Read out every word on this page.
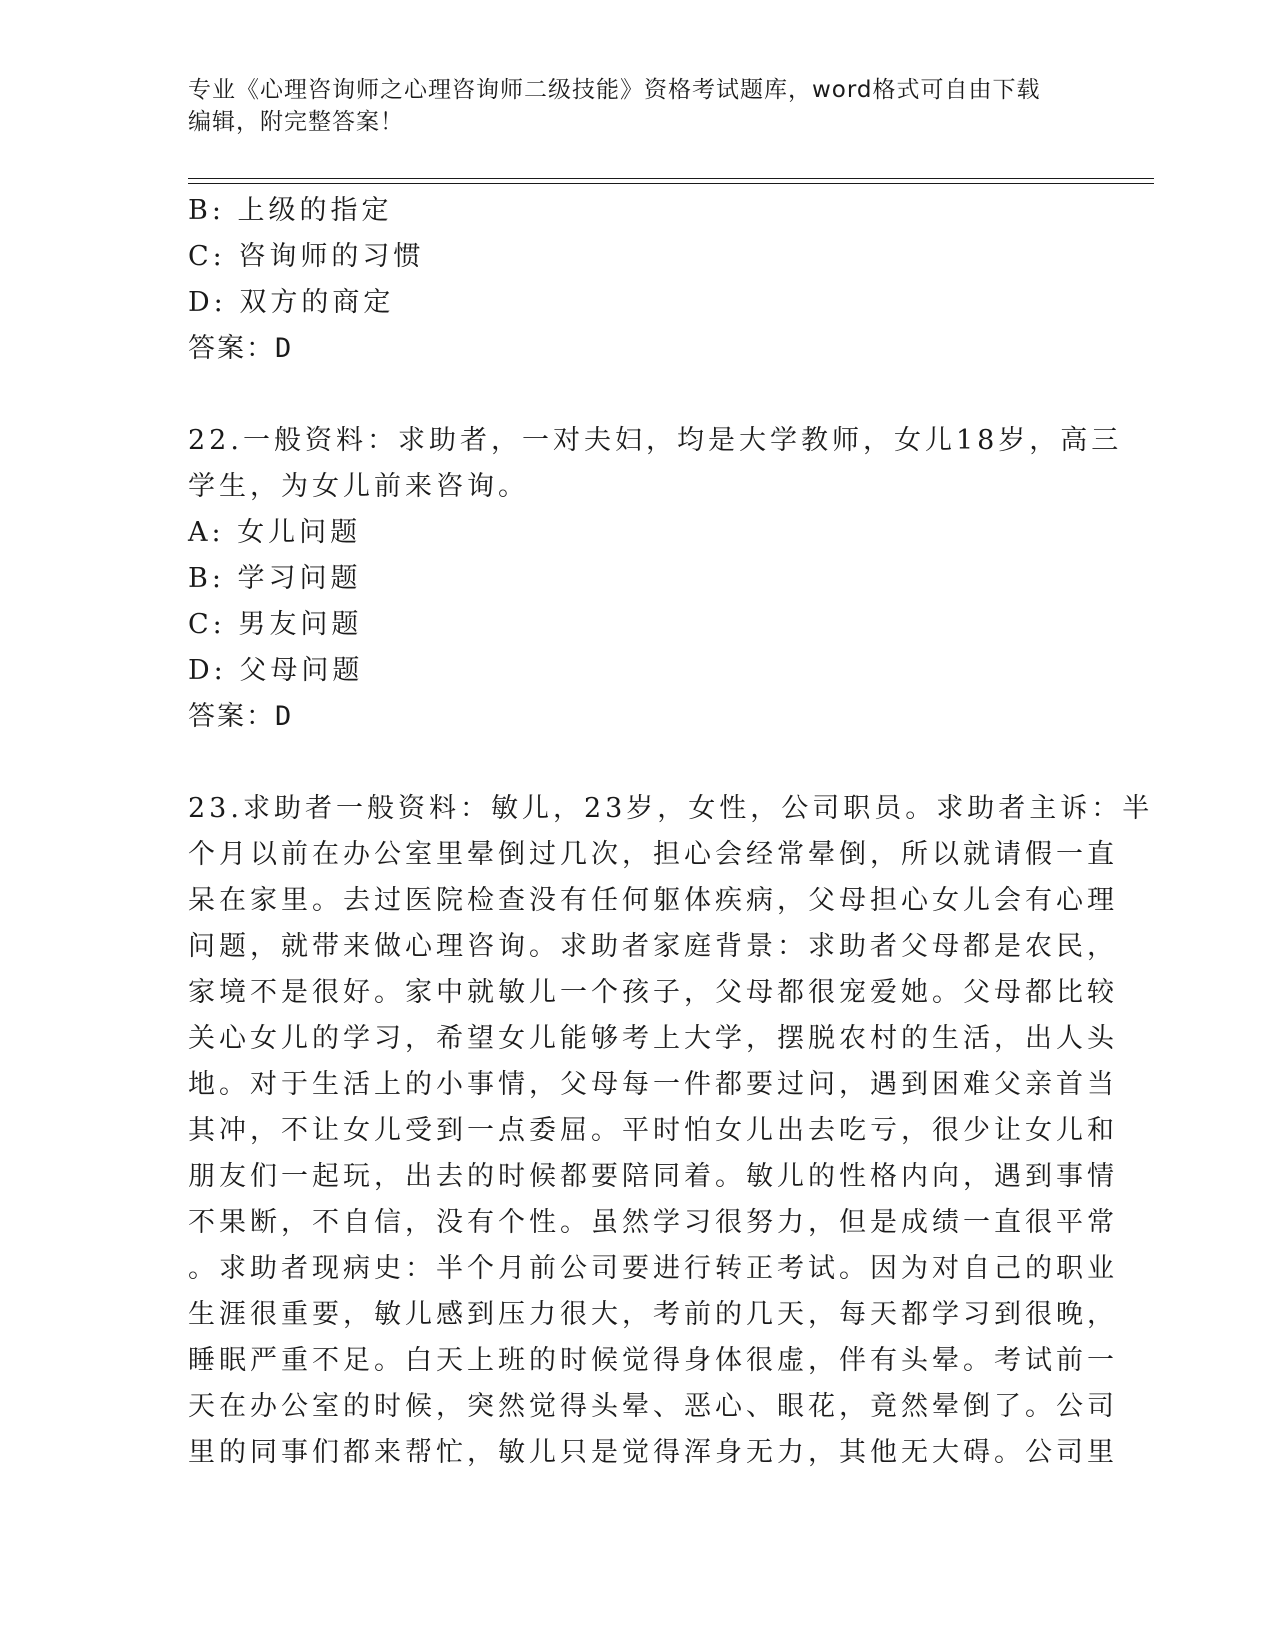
专业《心理咨询师之心理咨询师二级技能》资格考试题库，word格式可自由下载
编辑，附完整答案！
B: 上级的指定
C: 咨询师的习惯
D: 双方的商定
答案：D
22.一般资料：求助者，一对夫妇，均是大学教师，女儿18岁，高三
学生，为女儿前来咨询。
A: 女儿问题
B: 学习问题
C: 男友问题
D: 父母问题
答案：D
23.求助者一般资料：敏儿，23岁，女性，公司职员。求助者主诉：半
个月以前在办公室里晕倒过几次，担心会经常晕倒，所以就请假一直
呆在家里。去过医院检查没有任何躯体疾病，父母担心女儿会有心理
问题，就带来做心理咨询。求助者家庭背景：求助者父母都是农民，
家境不是很好。家中就敏儿一个孩子，父母都很宠爱她。父母都比较
关心女儿的学习，希望女儿能够考上大学，摆脱农村的生活，出人头
地。对于生活上的小事情，父母每一件都要过问，遇到困难父亲首当
其冲，不让女儿受到一点委屈。平时怕女儿出去吃亏，很少让女儿和
朋友们一起玩，出去的时候都要陪同着。敏儿的性格内向，遇到事情
不果断，不自信，没有个性。虽然学习很努力，但是成绩一直很平常
。求助者现病史：半个月前公司要进行转正考试。因为对自己的职业
生涯很重要，敏儿感到压力很大，考前的几天，每天都学习到很晚，
睡眠严重不足。白天上班的时候觉得身体很虚，伴有头晕。考试前一
天在办公室的时候，突然觉得头晕、恶心、眼花，竟然晕倒了。公司
里的同事们都来帮忙，敏儿只是觉得浑身无力，其他无大碍。公司里
